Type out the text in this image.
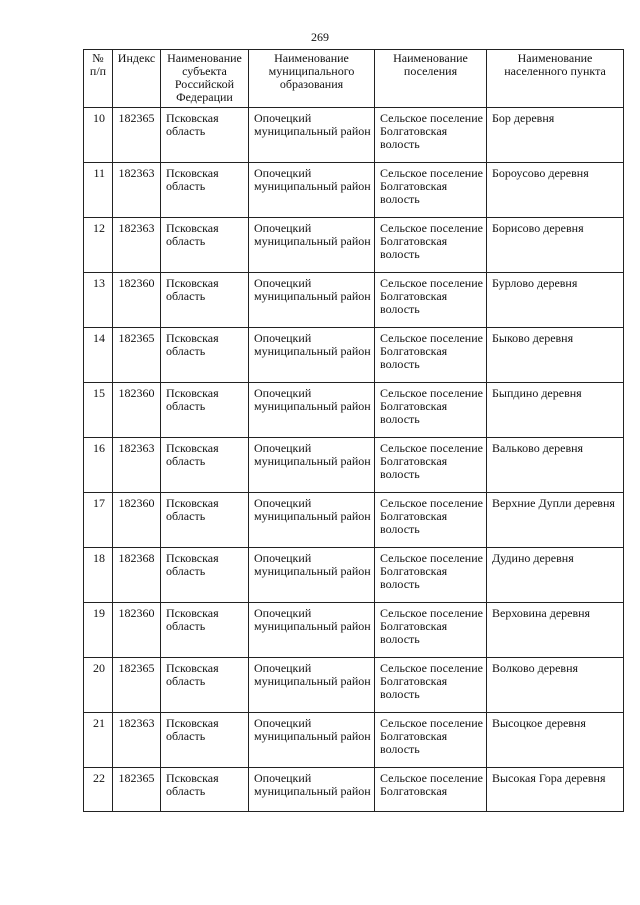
269
№ п/п	Индекс	Наименование субъекта Российской Федерации	Наименование муниципального образования	Наименование поселения	Наименование населенного пункта
10	182365	Псковская область	Опочецкий муниципальный район	Сельское поселение Болгатовская волость	Бор деревня
11	182363	Псковская область	Опочецкий муниципальный район	Сельское поселение Болгатовская волость	Бороусово деревня
12	182363	Псковская область	Опочецкий муниципальный район	Сельское поселение Болгатовская волость	Борисово деревня
13	182360	Псковская область	Опочецкий муниципальный район	Сельское поселение Болгатовская волость	Бурлово деревня
14	182365	Псковская область	Опочецкий муниципальный район	Сельское поселение Болгатовская волость	Быково деревня
15	182360	Псковская область	Опочецкий муниципальный район	Сельское поселение Болгатовская волость	Быпдино деревня
16	182363	Псковская область	Опочецкий муниципальный район	Сельское поселение Болгатовская волость	Вальково деревня
17	182360	Псковская область	Опочецкий муниципальный район	Сельское поселение Болгатовская волость	Верхние Дупли деревня
18	182368	Псковская область	Опочецкий муниципальный район	Сельское поселение Болгатовская волость	Дудино деревня
19	182360	Псковская область	Опочецкий муниципальный район	Сельское поселение Болгатовская волость	Верховина деревня
20	182365	Псковская область	Опочецкий муниципальный район	Сельское поселение Болгатовская волость	Волково деревня
21	182363	Псковская область	Опочецкий муниципальный район	Сельское поселение Болгатовская волость	Высоцкое деревня
22	182365	Псковская область	Опочецкий муниципальный район	Сельское поселение Болгатовская	Высокая Гора деревня
